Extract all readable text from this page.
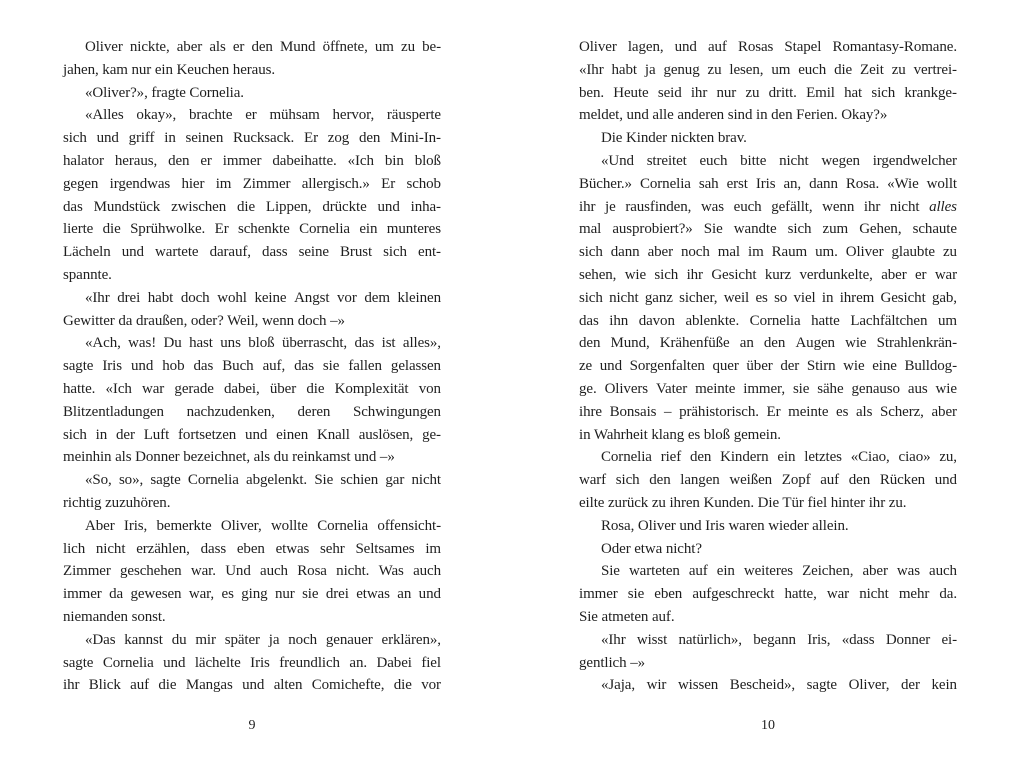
Oliver nickte, aber als er den Mund öffnete, um zu be-
jahen, kam nur ein Keuchen heraus.
«Oliver?», fragte Cornelia.
«Alles okay», brachte er mühsam hervor, räusperte
sich und griff in seinen Rucksack. Er zog den Mini-In-
halator heraus, den er immer dabeihatte. «Ich bin bloß
gegen irgendwas hier im Zimmer allergisch.» Er schob
das Mundstück zwischen die Lippen, drückte und inha-
lierte die Sprühwolke. Er schenkte Cornelia ein munteres
Lächeln und wartete darauf, dass seine Brust sich ent-
spannte.
«Ihr drei habt doch wohl keine Angst vor dem kleinen
Gewitter da draußen, oder? Weil, wenn doch –»
«Ach, was! Du hast uns bloß überrascht, das ist alles»,
sagte Iris und hob das Buch auf, das sie fallen gelassen
hatte. «Ich war gerade dabei, über die Komplexität von
Blitzentladungen nachzudenken, deren Schwingungen
sich in der Luft fortsetzen und einen Knall auslösen, ge-
meinhin als Donner bezeichnet, als du reinkamst und –»
«So, so», sagte Cornelia abgelenkt. Sie schien gar nicht
richtig zuzuhören.
Aber Iris, bemerkte Oliver, wollte Cornelia offensicht-
lich nicht erzählen, dass eben etwas sehr Seltsames im
Zimmer geschehen war. Und auch Rosa nicht. Was auch
immer da gewesen war, es ging nur sie drei etwas an und
niemanden sonst.
«Das kannst du mir später ja noch genauer erklären»,
sagte Cornelia und lächelte Iris freundlich an. Dabei fiel
ihr Blick auf die Mangas und alten Comichefte, die vor
9
Oliver lagen, und auf Rosas Stapel Romantasy-Romane.
«Ihr habt ja genug zu lesen, um euch die Zeit zu vertrei-
ben. Heute seid ihr nur zu dritt. Emil hat sich krankge-
meldet, und alle anderen sind in den Ferien. Okay?»
Die Kinder nickten brav.
«Und streitet euch bitte nicht wegen irgendwelcher
Bücher.» Cornelia sah erst Iris an, dann Rosa. «Wie wollt
ihr je rausfinden, was euch gefällt, wenn ihr nicht alles
mal ausprobiert?» Sie wandte sich zum Gehen, schaute
sich dann aber noch mal im Raum um. Oliver glaubte zu
sehen, wie sich ihr Gesicht kurz verdunkelte, aber er war
sich nicht ganz sicher, weil es so viel in ihrem Gesicht gab,
das ihn davon ablenkte. Cornelia hatte Lachfältchen um
den Mund, Krähenfüße an den Augen wie Strahlenkrän-
ze und Sorgenfalten quer über der Stirn wie eine Bulldog-
ge. Olivers Vater meinte immer, sie sähe genauso aus wie
ihre Bonsais – prähistorisch. Er meinte es als Scherz, aber
in Wahrheit klang es bloß gemein.
Cornelia rief den Kindern ein letztes «Ciao, ciao» zu,
warf sich den langen weißen Zopf auf den Rücken und
eilte zurück zu ihren Kunden. Die Tür fiel hinter ihr zu.
Rosa, Oliver und Iris waren wieder allein.
Oder etwa nicht?
Sie warteten auf ein weiteres Zeichen, aber was auch
immer sie eben aufgeschreckt hatte, war nicht mehr da.
Sie atmeten auf.
«Ihr wisst natürlich», begann Iris, «dass Donner ei-
gentlich –»
«Jaja, wir wissen Bescheid», sagte Oliver, der kein
10
